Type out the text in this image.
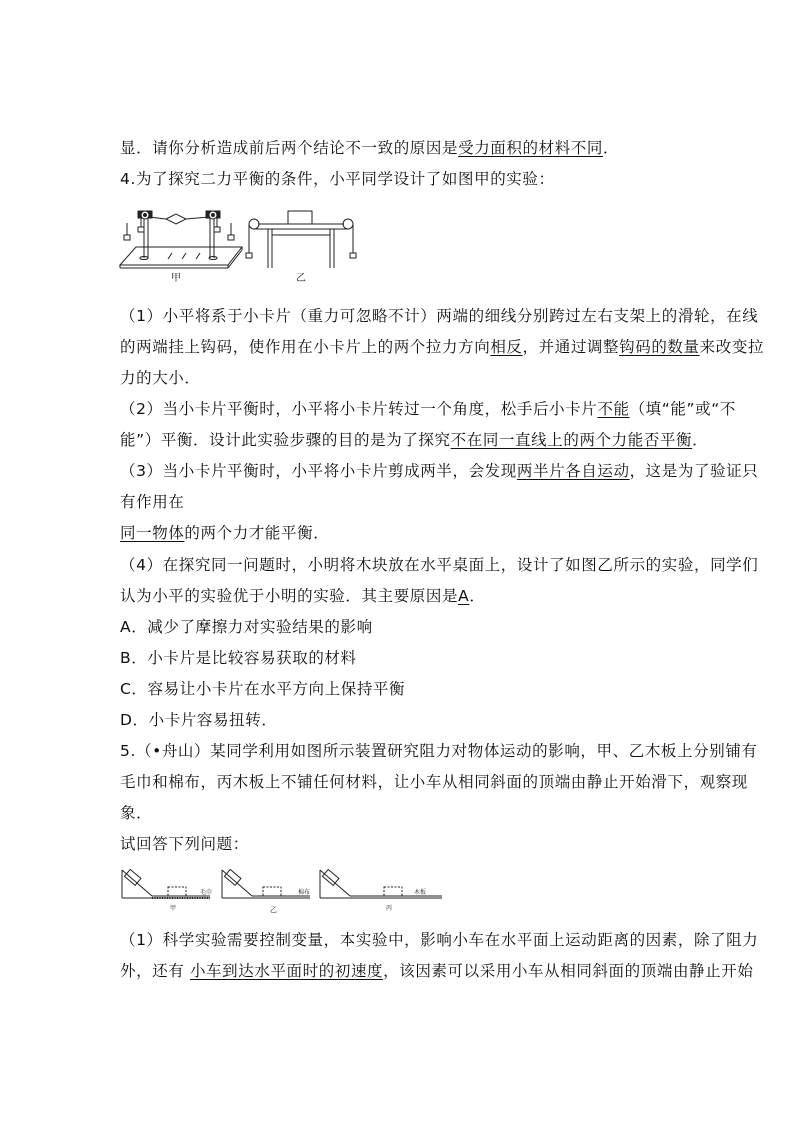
显．请你分析造成前后两个结论不一致的原因是受力面积的材料不同．
4.为了探究二力平衡的条件，小平同学设计了如图甲的实验：
甲	乙
（1）小平将系于小卡片（重力可忽略不计）两端的细线分别跨过左右支架上的滑轮，在线
的两端挂上钩码，使作用在小卡片上的两个拉力方向相反，并通过调整钩码的数量来改变拉
力的大小．
（2）当小卡片平衡时，小平将小卡片转过一个角度，松手后小卡片不能（填“能”或“不
能”）平衡．设计此实验步骤的目的是为了探究不在同一直线上的两个力能否平衡．
（3）当小卡片平衡时，小平将小卡片剪成两半，会发现两半片各自运动，这是为了验证只
有作用在
同一物体的两个力才能平衡．
（4）在探究同一问题时，小明将木块放在水平桌面上，设计了如图乙所示的实验，同学们
认为小平的实验优于小明的实验．其主要原因是A．
A．减少了摩擦力对实验结果的影响
B．小卡片是比较容易获取的材料
C．容易让小卡片在水平方向上保持平衡
D．小卡片容易扭转．
5.（•舟山）某同学利用如图所示装置研究阻力对物体运动的影响，甲、乙木板上分别铺有
毛巾和棉布，丙木板上不铺任何材料，让小车从相同斜面的顶端由静止开始滑下，观察现
象．
试回答下列问题：
毛巾	棉布	木板
甲	乙	丙
（1）科学实验需要控制变量，本实验中，影响小车在水平面上运动距离的因素，除了阻力
外，还有 小车到达水平面时的初速度，该因素可以采用小车从相同斜面的顶端由静止开始
